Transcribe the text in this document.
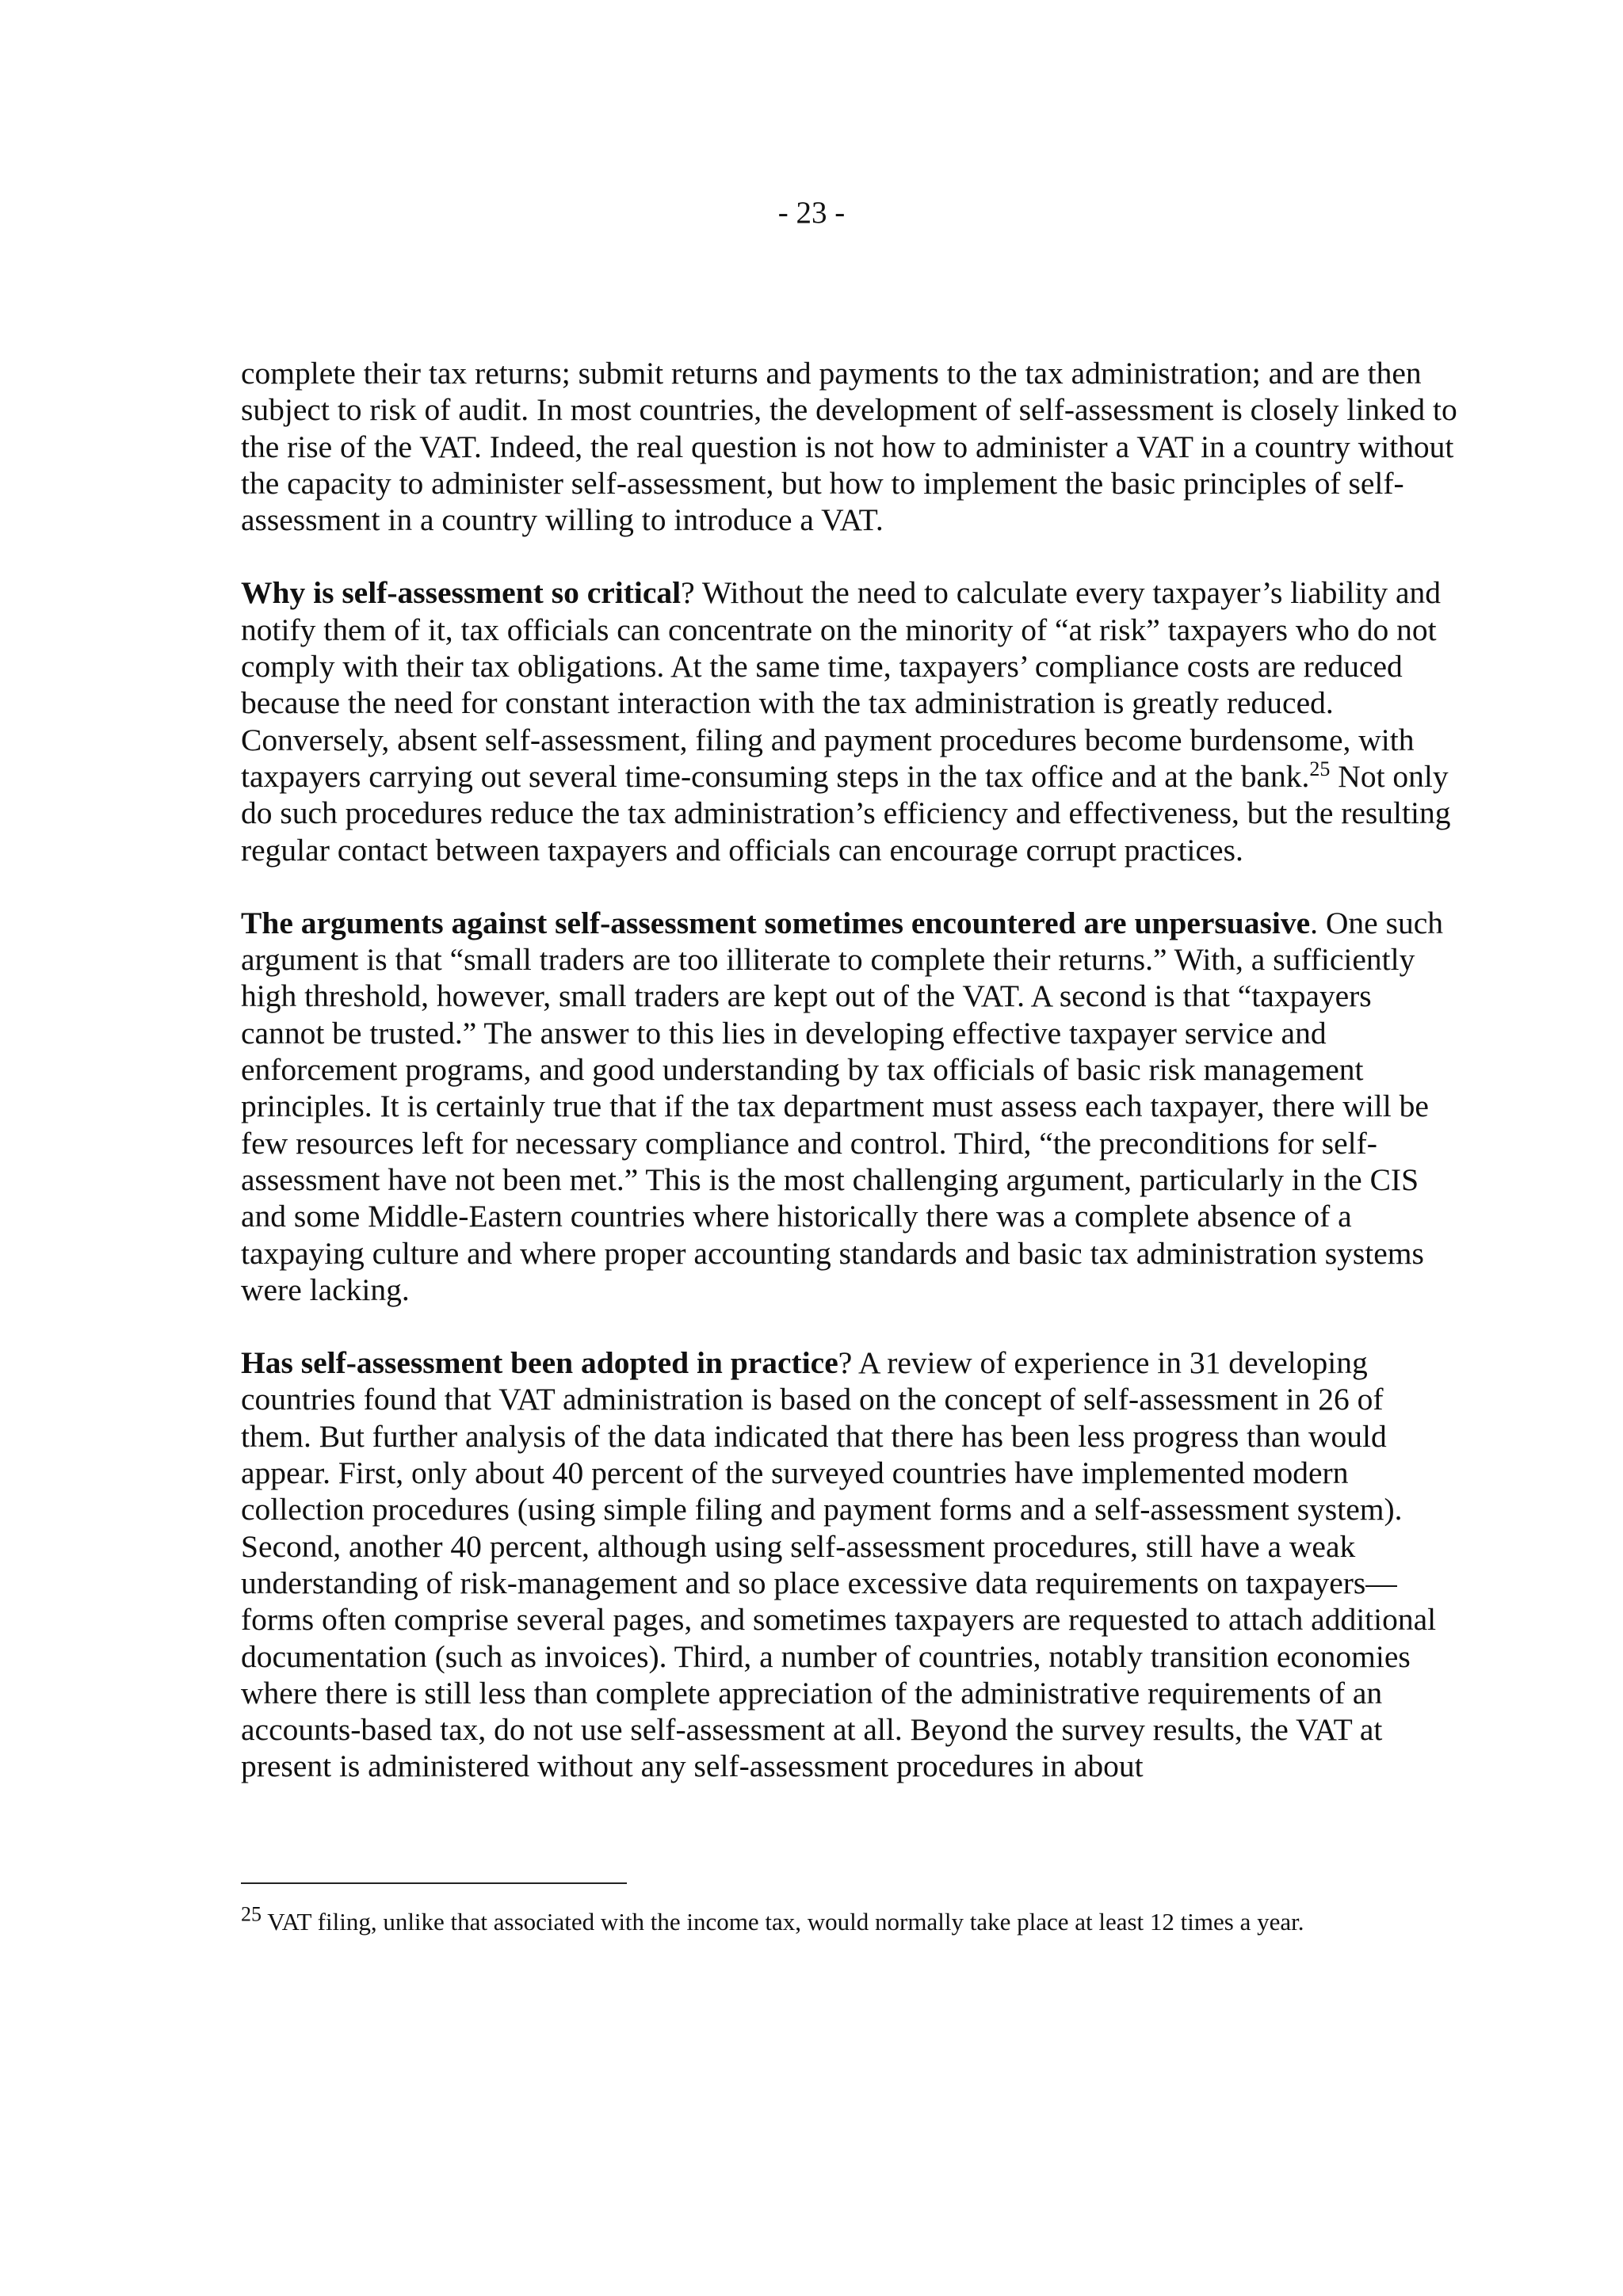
- 23 -

complete their tax returns; submit returns and payments to the tax administration; and are then subject to risk of audit. In most countries, the development of self-assessment is closely linked to the rise of the VAT. Indeed, the real question is not how to administer a VAT in a country without the capacity to administer self-assessment, but how to implement the basic principles of self-assessment in a country willing to introduce a VAT.

Why is self-assessment so critical? Without the need to calculate every taxpayer’s liability and notify them of it, tax officials can concentrate on the minority of “at risk” taxpayers who do not comply with their tax obligations. At the same time, taxpayers’ compliance costs are reduced because the need for constant interaction with the tax administration is greatly reduced. Conversely, absent self-assessment, filing and payment procedures become burdensome, with taxpayers carrying out several time-consuming steps in the tax office and at the bank.$^{25}$ Not only do such procedures reduce the tax administration’s efficiency and effectiveness, but the resulting regular contact between taxpayers and officials can encourage corrupt practices.

The arguments against self-assessment sometimes encountered are unpersuasive. One such argument is that “small traders are too illiterate to complete their returns.” With, a sufficiently high threshold, however, small traders are kept out of the VAT. A second is that “taxpayers cannot be trusted.” The answer to this lies in developing effective taxpayer service and enforcement programs, and good understanding by tax officials of basic risk management principles. It is certainly true that if the tax department must assess each taxpayer, there will be few resources left for necessary compliance and control. Third, “the preconditions for self-assessment have not been met.” This is the most challenging argument, particularly in the CIS and some Middle-Eastern countries where historically there was a complete absence of a taxpaying culture and where proper accounting standards and basic tax administration systems were lacking.

Has self-assessment been adopted in practice? A review of experience in 31 developing countries found that VAT administration is based on the concept of self-assessment in 26 of them. But further analysis of the data indicated that there has been less progress than would appear. First, only about 40 percent of the surveyed countries have implemented modern collection procedures (using simple filing and payment forms and a self-assessment system). Second, another 40 percent, although using self-assessment procedures, still have a weak understanding of risk-management and so place excessive data requirements on taxpayers—forms often comprise several pages, and sometimes taxpayers are requested to attach additional documentation (such as invoices). Third, a number of countries, notably transition economies where there is still less than complete appreciation of the administrative requirements of an accounts-based tax, do not use self-assessment at all. Beyond the survey results, the VAT at present is administered without any self-assessment procedures in about

$^{25}$ VAT filing, unlike that associated with the income tax, would normally take place at least 12 times a year.
